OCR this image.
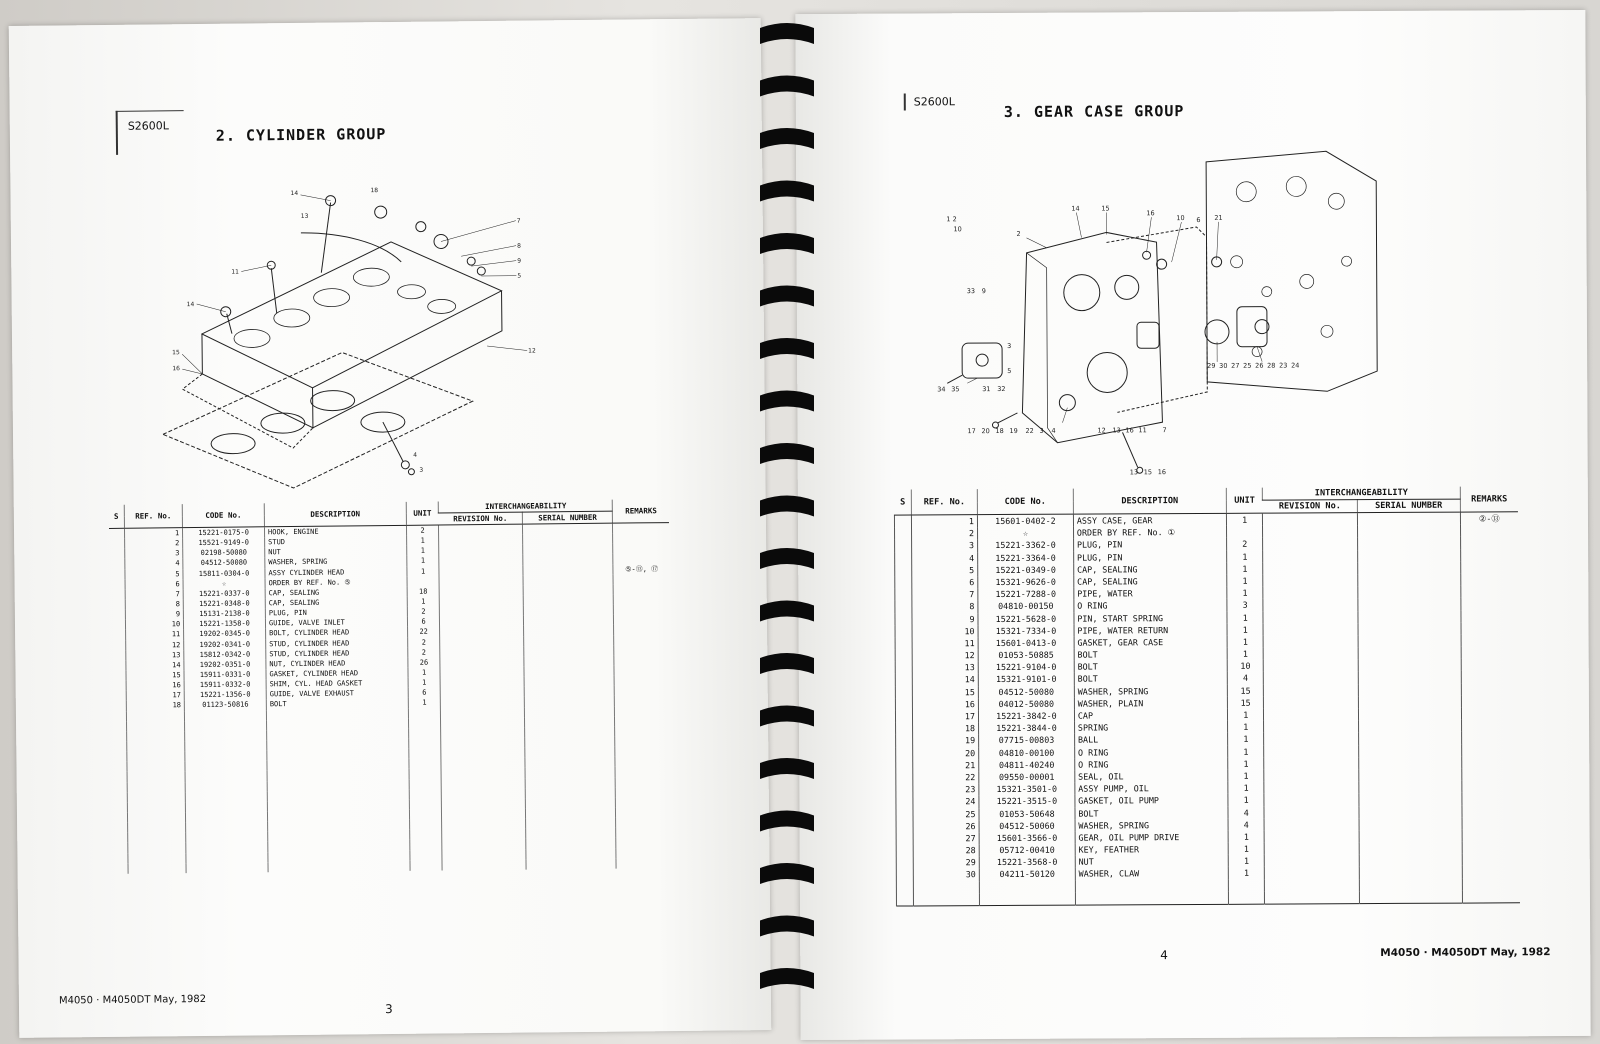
S2600L	2. CYLINDER GROUP
7
8
9
5
12
14
11
14
15
16
18
13
4
3
S	REF. No.	CODE No.	DESCRIPTION	UNIT	INTERCHANGEABILITY		REMARKS
					REVISION No.	SERIAL NUMBER	
	1	15221-0175-0	HOOK, ENGINE	2			
	2	15521-9149-0	STUD	1			
	3	02198-50080	NUT	1			
	4	04512-50080	WASHER, SPRING	1			
	5	15811-0304-0	ASSY CYLINDER HEAD	1			⑤-⑬, ⑰
	6	☆	ORDER BY REF. No. ⑤				
	7	15221-0337-0	CAP, SEALING	18			
	8	15221-0348-0	CAP, SEALING	1			
	9	15131-2138-0	PLUG, PIN	2			
	10	15221-1358-0	GUIDE, VALVE INLET	6			
	11	19202-0345-0	BOLT, CYLINDER HEAD	22			
	12	19202-0341-0	STUD, CYLINDER HEAD	2			
	13	15812-0342-0	STUD, CYLINDER HEAD	2			
	14	19202-0351-0	NUT, CYLINDER HEAD	26			
	15	15911-0331-0	GASKET, CYLINDER HEAD	1			
	16	15911-0332-0	SHIM, CYL. HEAD GASKET	1			
	17	15221-1356-0	GUIDE, VALVE EXHAUST	6			
	18	01123-50816	BOLT	1			

M4050 · M4050DT May, 1982
3
S2600L
3. GEAR CASE GROUP
2
14	15
16
10 6 21
33 9
1 2
10
29 30 27 25 26 28 23 24
34 35	31 32
17 20 18 19 22 3 4	12 13 16 11 7
13 15 16
3
5
S	REF. No.	CODE No.	DESCRIPTION	UNIT	INTERCHANGEABILITY		REMARKS
					REVISION No.	SERIAL NUMBER	
	1	15601-0402-2	ASSY CASE, GEAR	1			②-⑬
	2	☆	ORDER BY REF. No. ①				
	3	15221-3362-0	PLUG, PIN	2			
	4	15221-3364-0	PLUG, PIN	1			
	5	15221-0349-0	CAP, SEALING	1			
	6	15321-9626-0	CAP, SEALING	1			
	7	15221-7288-0	PIPE, WATER	1			
	8	04810-00150	O RING	3			
	9	15221-5628-0	PIN, START SPRING	1			
	10	15321-7334-0	PIPE, WATER RETURN	1			
	11	15601-0413-0	GASKET, GEAR CASE	1			
	12	01053-50885	BOLT	1			
	13	15221-9104-0	BOLT	10			
	14	15321-9101-0	BOLT	4			
	15	04512-50080	WASHER, SPRING	15			
	16	04012-50080	WASHER, PLAIN	15			
	17	15221-3842-0	CAP	1			
	18	15221-3844-0	SPRING	1			
	19	07715-00803	BALL	1			
	20	04810-00100	O RING	1			
	21	04811-40240	O RING	1			
	22	09550-00001	SEAL, OIL	1			
	23	15321-3501-0	ASSY PUMP, OIL	1			
	24	15221-3515-0	GASKET, OIL PUMP	1			
	25	01053-50648	BOLT	4			
	26	04512-50060	WASHER, SPRING	4			
	27	15601-3566-0	GEAR, OIL PUMP DRIVE	1			
	28	05712-00410	KEY, FEATHER	1			
	29	15221-3568-0	NUT	1			
	30	04211-50120	WASHER, CLAW	1			

4	M4050 · M4050DT May, 1982
